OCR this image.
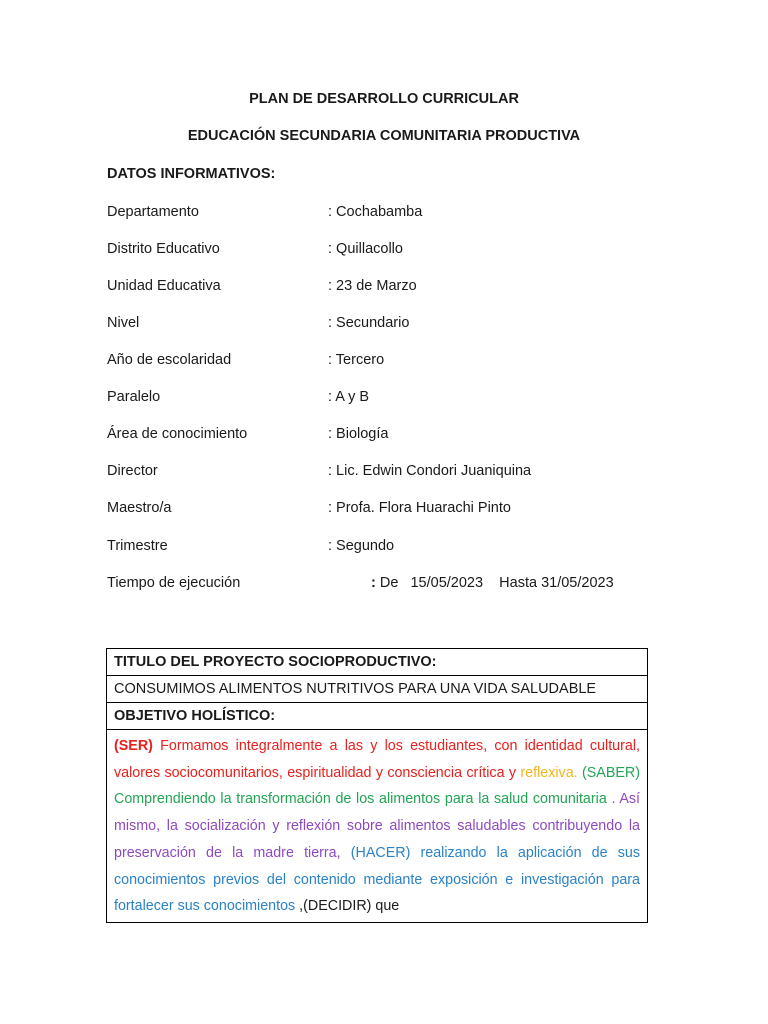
PLAN DE DESARROLLO CURRICULAR
EDUCACIÓN SECUNDARIA COMUNITARIA PRODUCTIVA
DATOS INFORMATIVOS:
Departamento	: Cochabamba
Distrito Educativo	: Quillacollo
Unidad Educativa	: 23 de Marzo
Nivel	: Secundario
Año de escolaridad	: Tercero
Paralelo	: A y B
Área de conocimiento	: Biología
Director	: Lic. Edwin Condori Juaniquina
Maestro/a	: Profa. Flora Huarachi Pinto
Trimestre	: Segundo
Tiempo de ejecución	: De   15/05/2023    Hasta 31/05/2023
TITULO DEL PROYECTO SOCIOPRODUCTIVO:
CONSUMIMOS ALIMENTOS NUTRITIVOS PARA UNA VIDA SALUDABLE
OBJETIVO HOLÍSTICO:
(SER) Formamos integralmente a las y los estudiantes, con identidad cultural, valores sociocomunitarios, espiritualidad y consciencia crítica y reflexiva. (SABER) Comprendiendo la transformación de los alimentos para la salud comunitaria . Así mismo, la socialización y reflexión sobre alimentos saludables contribuyendo la preservación de la madre tierra, (HACER) realizando la aplicación de sus conocimientos previos del contenido mediante exposición e investigación para fortalecer sus conocimientos ,(DECIDIR) que
